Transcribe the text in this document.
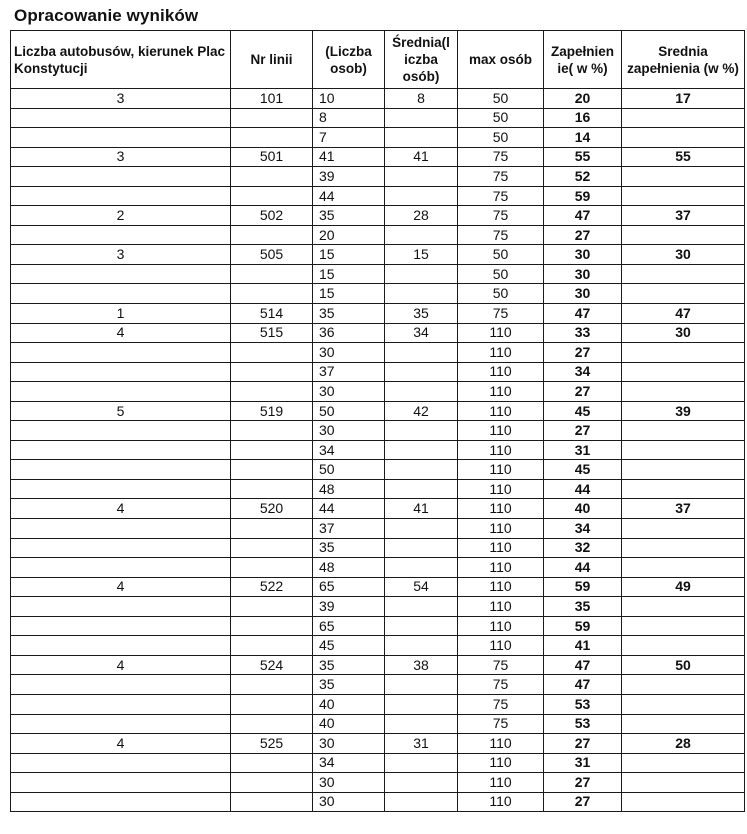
Opracowanie wyników
Liczba autobusów, kierunek Plac Konstytucji	Nr linii	(Liczba osob)	Średnia(l iczba osób)	max osób	Zapełnien ie( w %)	Srednia zapełnienia (w %)
3	101	10	8	50	20	17
		8		50	16	
		7		50	14	
3	501	41	41	75	55	55
		39		75	52	
		44		75	59	
2	502	35	28	75	47	37
		20		75	27	
3	505	15	15	50	30	30
		15		50	30	
		15		50	30	
1	514	35	35	75	47	47
4	515	36	34	110	33	30
		30		110	27	
		37		110	34	
		30		110	27	
5	519	50	42	110	45	39
		30		110	27	
		34		110	31	
		50		110	45	
		48		110	44	
4	520	44	41	110	40	37
		37		110	34	
		35		110	32	
		48		110	44	
4	522	65	54	110	59	49
		39		110	35	
		65		110	59	
		45		110	41	
4	524	35	38	75	47	50
		35		75	47	
		40		75	53	
		40		75	53	
4	525	30	31	110	27	28
		34		110	31	
		30		110	27	
		30		110	27	
